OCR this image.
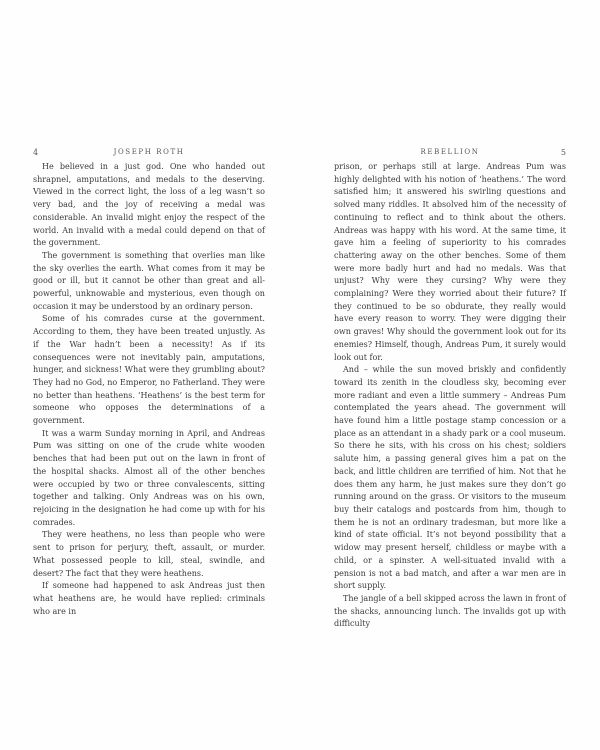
4	JOSEPH ROTH

He believed in a just god. One who handed out shrapnel, amputations, and medals to the deserving. Viewed in the correct light, the loss of a leg wasn’t so very bad, and the joy of receiving a medal was considerable. An invalid might enjoy the respect of the world. An invalid with a medal could depend on that of the government.

The government is something that overlies man like the sky overlies the earth. What comes from it may be good or ill, but it cannot be other than great and all-powerful, unknowable and mysterious, even though on occasion it may be understood by an ordinary person.

Some of his comrades curse at the government. According to them, they have been treated unjustly. As if the War hadn’t been a necessity! As if its consequences were not inevitably pain, amputations, hunger, and sickness! What were they grumbling about? They had no God, no Emperor, no Fatherland. They were no better than heathens. ‘Heathens’ is the best term for someone who opposes the determinations of a government.

It was a warm Sunday morning in April, and Andreas Pum was sitting on one of the crude white wooden benches that had been put out on the lawn in front of the hospital shacks. Almost all of the other benches were occupied by two or three convalescents, sitting together and talking. Only Andreas was on his own, rejoicing in the designation he had come up with for his comrades.

They were heathens, no less than people who were sent to prison for perjury, theft, assault, or murder. What possessed people to kill, steal, swindle, and desert? The fact that they were heathens.

If someone had happened to ask Andreas just then what heathens are, he would have replied: criminals who are in

REBELLION	5

prison, or perhaps still at large. Andreas Pum was highly delighted with his notion of ‘heathens.’ The word satisfied him; it answered his swirling questions and solved many riddles. It absolved him of the necessity of continuing to reflect and to think about the others. Andreas was happy with his word. At the same time, it gave him a feeling of superiority to his comrades chattering away on the other benches. Some of them were more badly hurt and had no medals. Was that unjust? Why were they cursing? Why were they complaining? Were they worried about their future? If they continued to be so obdurate, they really would have every reason to worry. They were digging their own graves! Why should the government look out for its enemies? Himself, though, Andreas Pum, it surely would look out for.

And – while the sun moved briskly and confidently toward its zenith in the cloudless sky, becoming ever more radiant and even a little summery – Andreas Pum contemplated the years ahead. The government will have found him a little postage stamp concession or a place as an attendant in a shady park or a cool museum. So there he sits, with his cross on his chest; soldiers salute him, a passing general gives him a pat on the back, and little children are terrified of him. Not that he does them any harm, he just makes sure they don’t go running around on the grass. Or visitors to the museum buy their catalogs and postcards from him, though to them he is not an ordinary tradesman, but more like a kind of state official. It’s not beyond possibility that a widow may present herself, childless or maybe with a child, or a spinster. A well-situated invalid with a pension is not a bad match, and after a war men are in short supply.

The jangle of a bell skipped across the lawn in front of the shacks, announcing lunch. The invalids got up with difficulty
